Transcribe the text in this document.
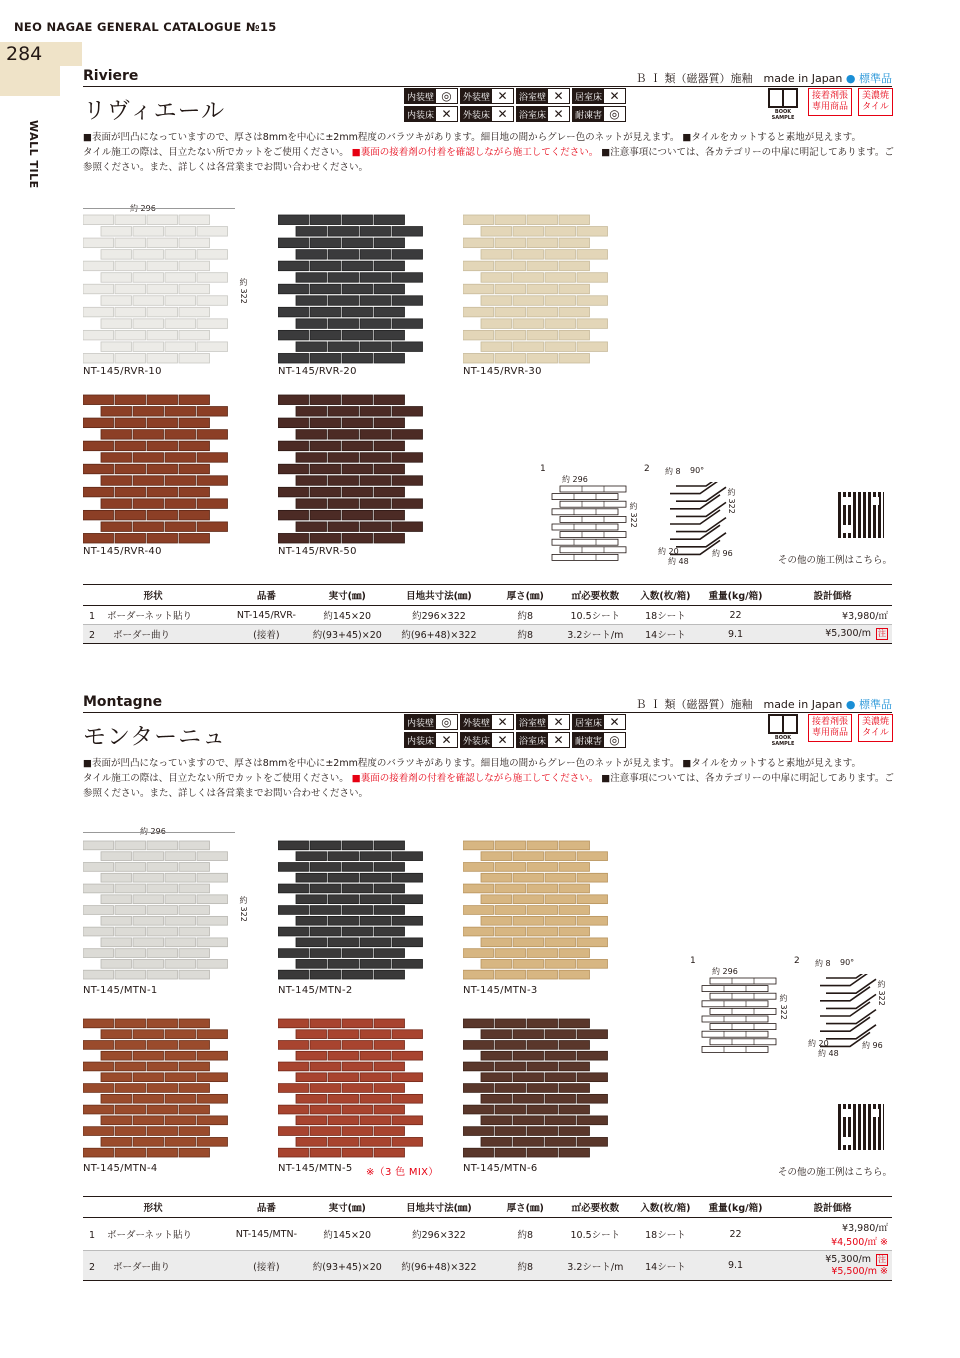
NEO NAGAE GENERAL CATALOGUE №15
284
WALL TILE
Riviere	Ｂ Ｉ 類（磁器質）施釉　made in Japan ● 標準品
リヴィエール
内装壁 ◎	外装壁 ✕	浴室壁 ✕	居室床 ✕
内装床 ✕	外装床 ✕	浴室床 ✕	耐凍害 ◎	BOOK SAMPLE
接着剤張
専用商品
美濃焼
タイル
■表面が凹凸になっていますので、厚さは8mmを中心に±2mm程度のバラツキがあります。細目地の間からグレー色のネットが見えます。 ■タイルをカットすると素地が見えます。
タイル施工の際は、目立たない所でカットをご使用ください。 ■裏面の接着剤の付着を確認しながら施工してください。 ■注意事項については、各カテゴリーの中扉に明記してあります。ご参照ください。また、詳しくは各営業までお問い合わせください。
Montagne	Ｂ Ｉ 類（磁器質）施釉　made in Japan ● 標準品
モンターニュ
内装壁 ◎	外装壁 ✕	浴室壁 ✕	居室床 ✕
内装床 ✕	外装床 ✕	浴室床 ✕	耐凍害 ◎	BOOK SAMPLE
接着剤張
専用商品
美濃焼
タイル
■表面が凹凸になっていますので、厚さは8mmを中心に±2mm程度のバラツキがあります。細目地の間からグレー色のネットが見えます。 ■タイルをカットすると素地が見えます。
タイル施工の際は、目立たない所でカットをご使用ください。 ■裏面の接着剤の付着を確認しながら施工してください。 ■注意事項については、各カテゴリーの中扉に明記してあります。ご参照ください。また、詳しくは各営業までお問い合わせください。
NT-145/RVR-10	NT-145/RVR-20	NT-145/RVR-30
NT-145/RVR-40	NT-145/RVR-50
約 322
NT-145/MTN-1	NT-145/MTN-2	NT-145/MTN-3
NT-145/MTN-4	NT-145/MTN-5	NT-145/MTN-6
※（3 色 MIX）
約 322
1	2
約 296
約 322
約 8 90°
約 322
約 20
約 48
約 96
1	2
約 296
約 322
約 8 90°
約 322
約 20
約 48
約 96
その他の施工例はこちら。
その他の施工例はこちら。
形状	品番	実寸(㎜)	目地共寸法(㎜)	厚さ(㎜)	㎡必要枚数	入数(枚/箱)	重量(kg/箱)	設計価格
1 ボーダーネット貼り	NT-145/RVR-	約145×20	約296×322	約8	10.5シート	18シート	22	¥3,980/㎡

2 ボーダー曲り	(接着)	約(93+45)×20	約(96+48)×322	約8	3.2シート/m	14シート	9.1	¥5,300/m 注
形状	品番	実寸(㎜)	目地共寸法(㎜)	厚さ(㎜)	㎡必要枚数	入数(枚/箱)	重量(kg/箱)	設計価格
1 ボーダーネット貼り	NT-145/MTN-	約145×20	約296×322	約8	10.5シート	18シート	22	¥3,980/㎡
¥4,500/㎡ ※

2 ボーダー曲り	(接着)	約(93+45)×20	約(96+48)×322	約8	3.2シート/m	14シート	9.1	¥5,300/m 注
¥5,500/m ※
